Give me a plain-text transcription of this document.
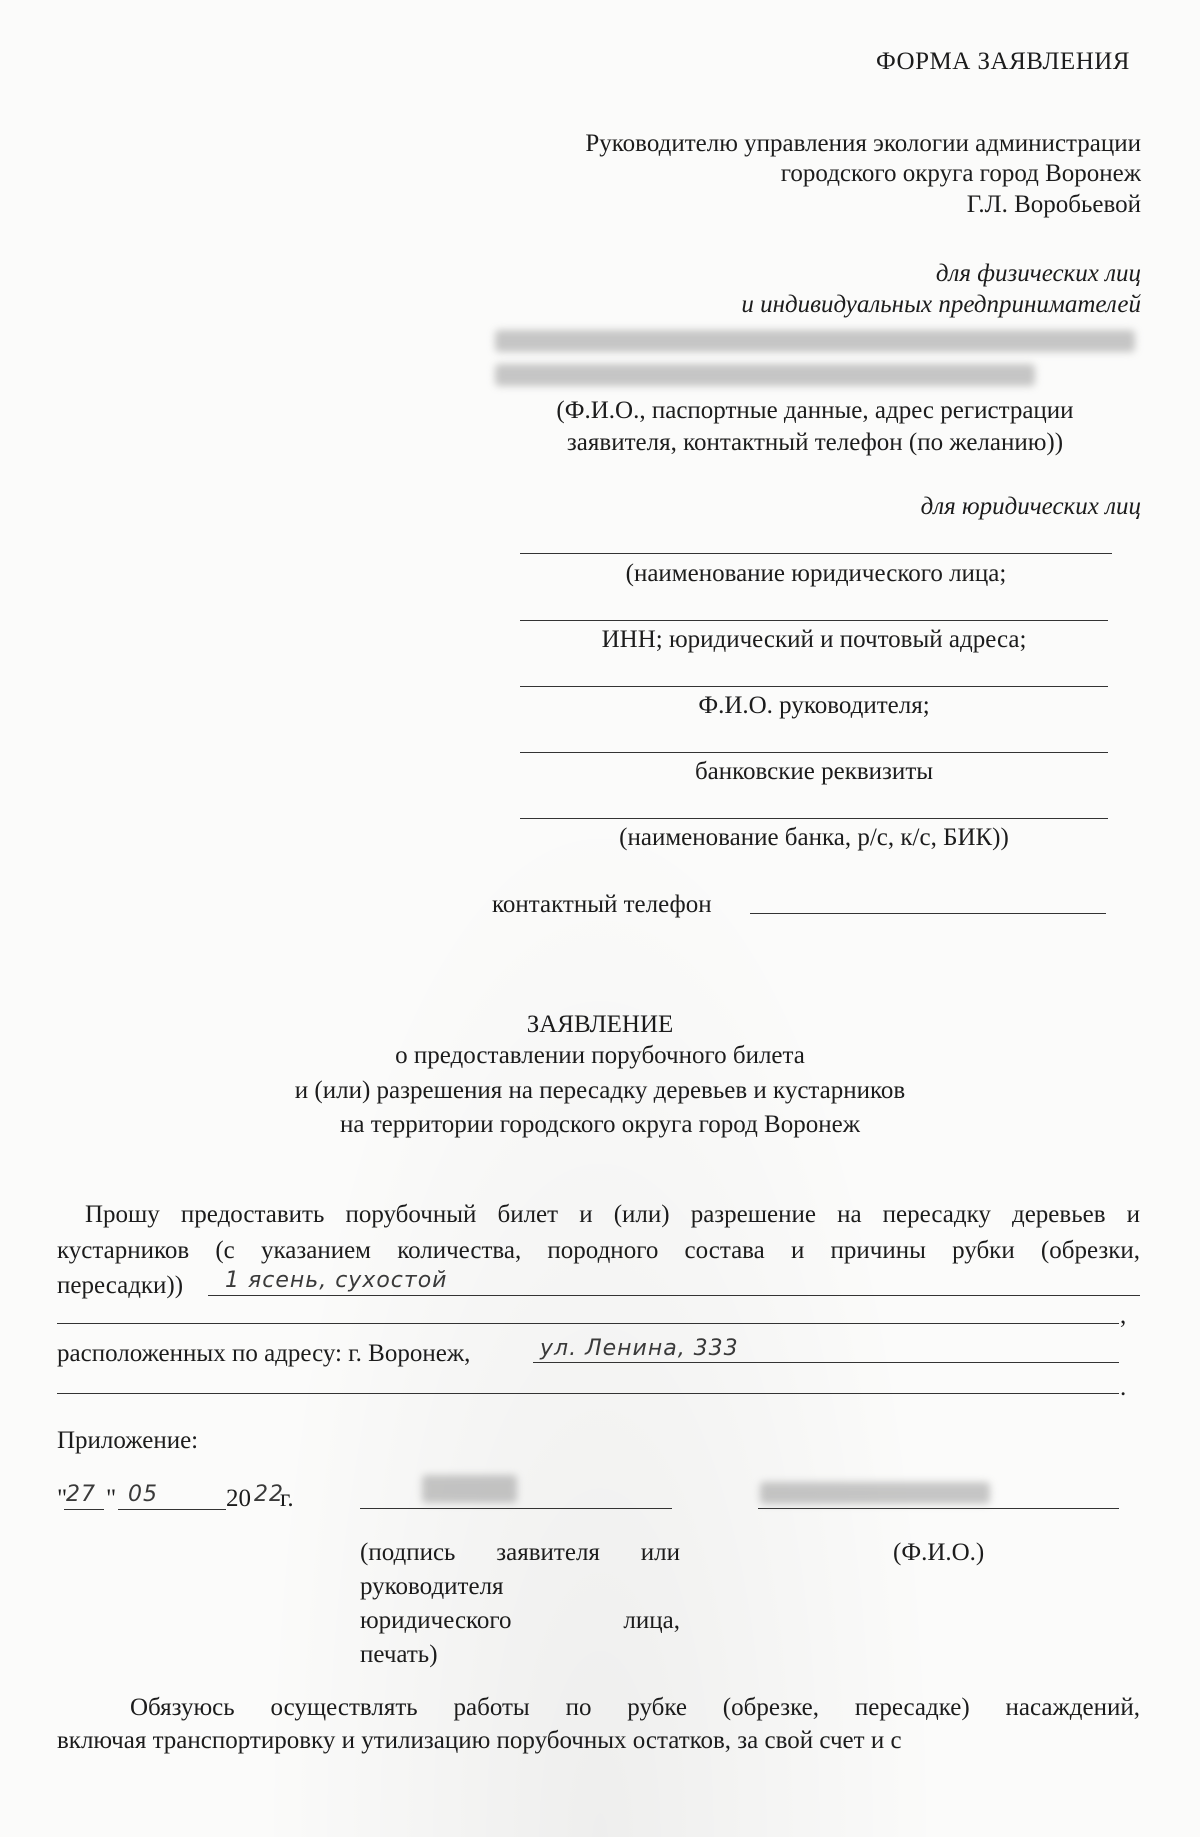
ФОРМА ЗАЯВЛЕНИЯ
Руководителю управления экологии администрации
городского округа город Воронеж
Г.Л. Воробьевой
для физических лиц
и индивидуальных предпринимателей
(Ф.И.О., паспортные данные, адрес регистрации
заявителя, контактный телефон (по желанию))
для юридических лиц
(наименование юридического лица;
ИНН; юридический и почтовый адреса;
Ф.И.О. руководителя;
банковские реквизиты
(наименование банка, р/с, к/с, БИК))
контактный телефон
ЗАЯВЛЕНИЕ
о предоставлении порубочного билета
и (или) разрешения на пересадку деревьев и кустарников
на территории городского округа город Воронеж
Прошу предоставить порубочный билет и (или) разрешение на пересадку деревьев и
кустарников (с указанием количества, породного состава и причины рубки (обрезки,
пересадки)) 1 ясень, сухостой
,
расположенных по адресу: г. Воронеж,	ул. Ленина, 333
.
Приложение:
"
27 " 05	20 22
г.
(подпись заявителя или
руководителя
юридического	лица,
печать)
(Ф.И.О.)
Обязуюсь осуществлять работы по рубке (обрезке, пересадке) насаждений,
включая транспортировку и утилизацию порубочных остатков, за свой счет и с
